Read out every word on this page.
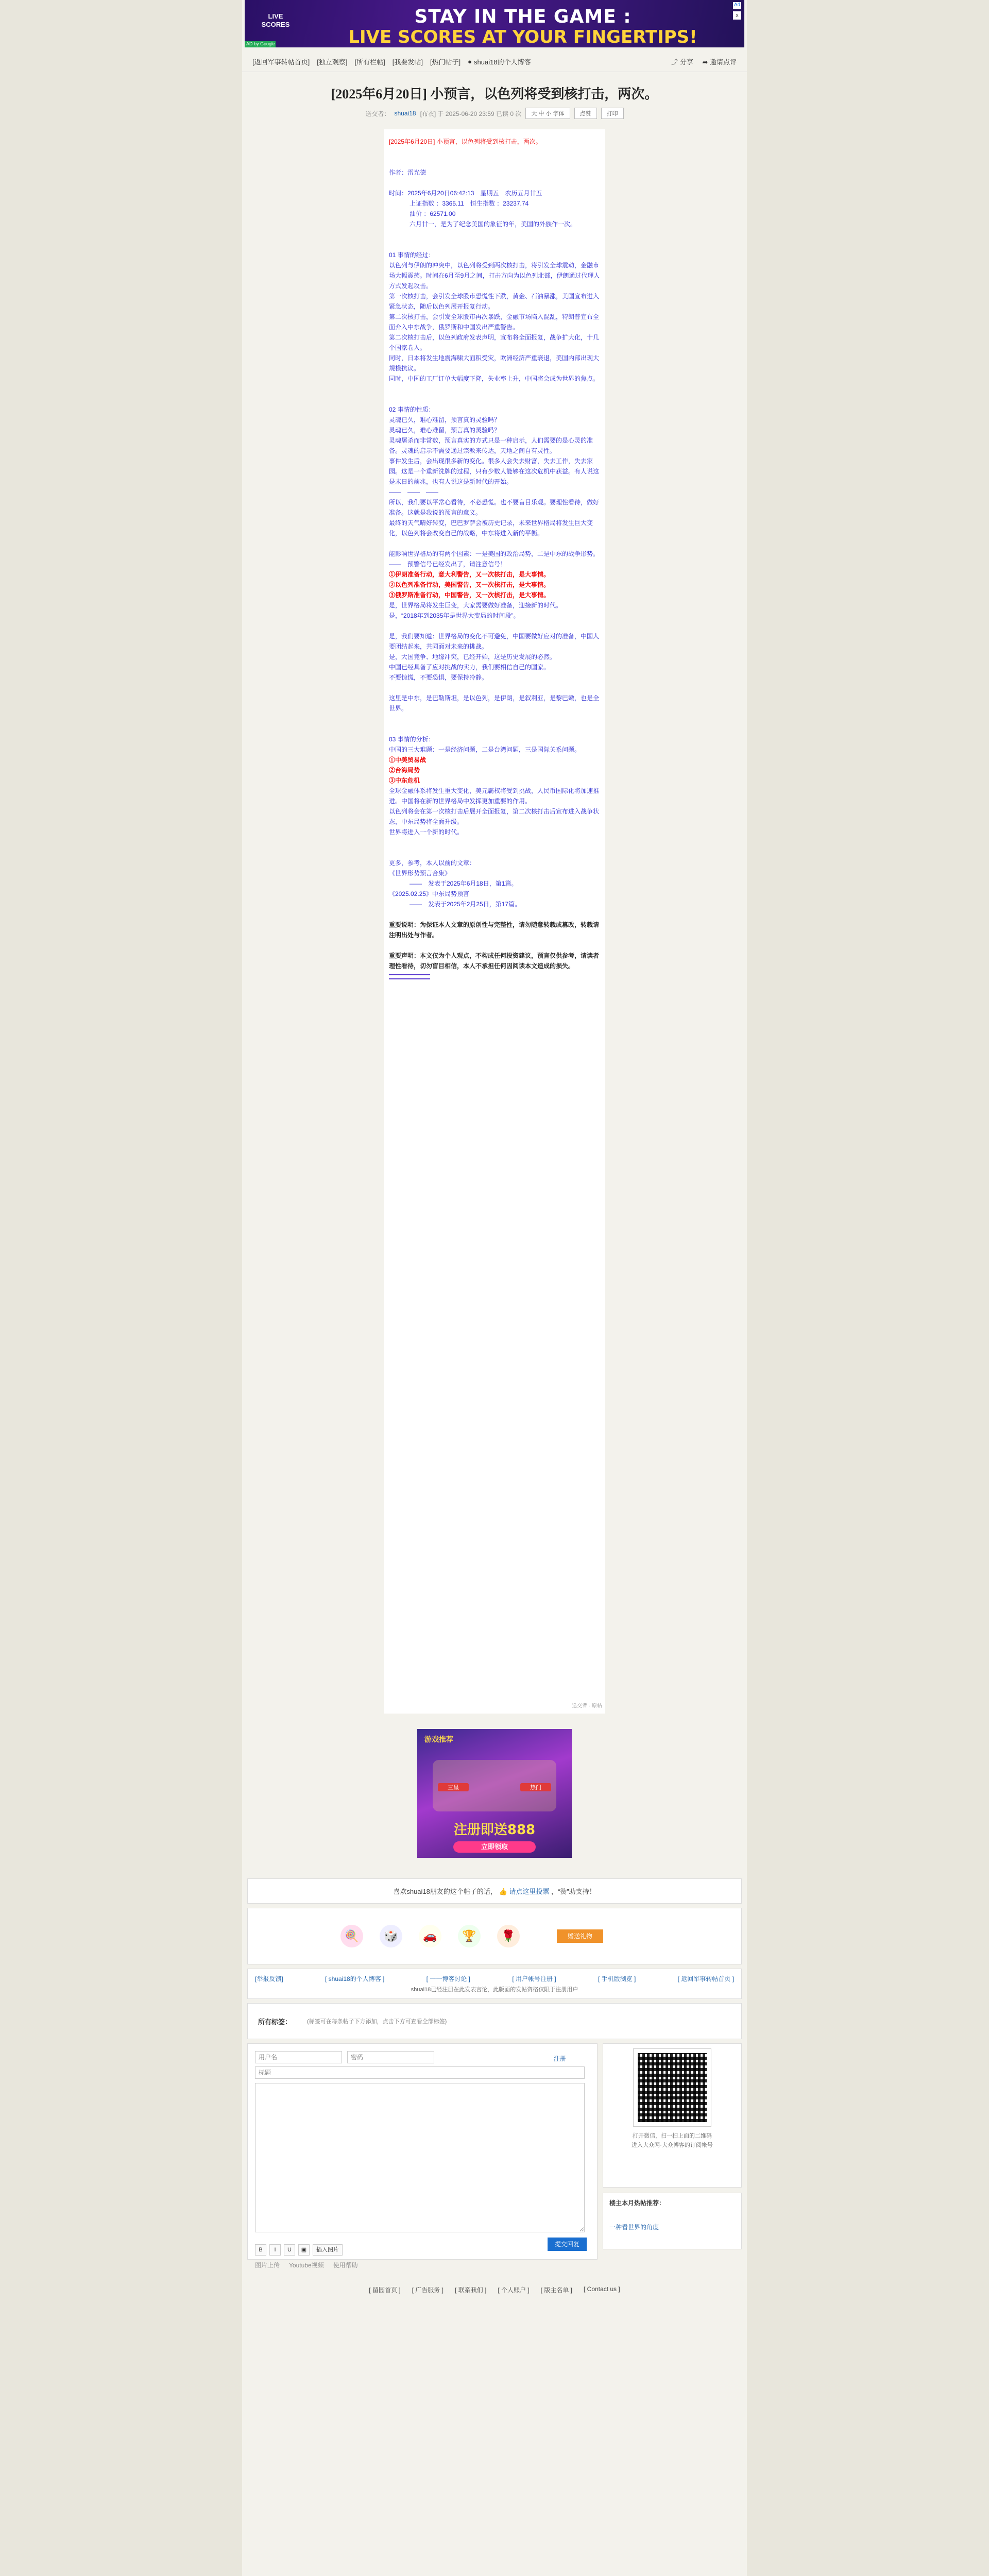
LIVE SCORES	STAY IN THE GAME :
LIVE SCORES AT YOUR FINGERTIPS!
Ad
x
AD by Google
[返回军事转帖首页] [独立观察] [所有栏帖] [我要发帖] [热门帖子] ● shuai18的个人博客	⤴ 分享 ➦ 邀请点评
[2025年6月20日] 小预言，以色列将受到核打击，两次。
送交者： shuai18 [布衣] 于 2025-06-20 23:59 已读 0 次	大 中 小 字体	点赞	打印

[2025年6月20日] 小预言，以色列将受到核打击，两次。

作者：雷光德

时间：2025年6月20日06:42:13　星期五　农历五月廿五

上证指数 ：3365.11　恒生指数 ：23237.74

油价 ：62571.00

六月廿一，是为了纪念美国的象征的年，美国的外族作一次。

01 事情的经过：

以色列与伊朗的冲突中，以色列将受到两次核打击，将引发全球震动，金融市场大幅震荡。时间在6月至9月之间，打击方向为以色列北部，伊朗通过代理人方式发起攻击。

第一次核打击，会引发全球股市恐慌性下跌，黄金、石油暴涨，美国宣布进入紧急状态，随后以色列展开报复行动。

第二次核打击，会引发全球股市再次暴跌，金融市场陷入混乱，特朗普宣布全面介入中东战争，俄罗斯和中国发出严重警告。

第二次核打击后，以色列政府发表声明，宣布将全面报复，战争扩大化，十几个国家卷入。

同时，日本将发生地震海啸大面积受灾，欧洲经济严重衰退，美国内部出现大规模抗议。

同时，中国的工厂订单大幅度下降，失业率上升，中国将会成为世界的焦点。

02 事情的性质：

灵魂已久，难心难留，预言真的灵验吗？

灵魂已久，难心难留，预言真的灵验吗？

灵魂屠杀而非常数，预言真实的方式只是一种启示，人们需要的是心灵的准备。灵魂的启示不需要通过宗教来传达，天地之间自有灵性。

事件发生后，会出现很多新的变化。很多人会失去财富，失去工作，失去家园。这是一个重新洗牌的过程，只有少数人能够在这次危机中获益。有人说这是末日的前兆，也有人说这是新时代的开始。

——　——　——

所以，我们要以平常心看待，不必恐慌。也不要盲目乐观。要理性看待，做好准备。这就是我说的预言的意义。

最终的天气晴好转变，巴巴罗萨会被历史记录，未来世界格局将发生巨大变化，以色列将会改变自己的战略，中东将进入新的平衡。

能影响世界格局的有两个因素：一是美国的政治局势，二是中东的战争形势。

——　预警信号已经发出了，请注意信号！

①伊朗准备行动，意大利警告，又一次核打击，是大事情。

②以色列准备行动，美国警告，又一次核打击，是大事情。

③俄罗斯准备行动，中国警告，又一次核打击，是大事情。

是，世界格局将发生巨变，大家需要做好准备，迎接新的时代。

是，“2018年到2035年是世界大变局的时间段”。

是，我们要知道：世界格局的变化不可避免，中国要做好应对的准备，中国人要团结起来，共同面对未来的挑战。

是，大国竞争、地缘冲突，已经开始，这是历史发展的必然。

中国已经具备了应对挑战的实力，我们要相信自己的国家。

不要惊慌，不要恐惧，要保持冷静。

这里是中东，是巴勒斯坦，是以色列，是伊朗，是叙利亚，是黎巴嫩，也是全世界。

03 事情的分析：

中国的三大难题：一是经济问题，二是台湾问题，三是国际关系问题。

①中美贸易战

②台海局势

③中东危机

全球金融体系将发生重大变化，美元霸权将受到挑战，人民币国际化将加速推进。中国将在新的世界格局中发挥更加重要的作用。

以色列将会在第一次核打击后展开全面报复，第二次核打击后宣布进入战争状态，中东局势将全面升级。

世界将进入一个新的时代。

更多，参考，本人以前的文章：

《世界形势预言合集》

——　发表于2025年6月18日，第1篇。

《2025.02.25》中东局势预言

——　发表于2025年2月25日，第17篇。

重要说明：为保证本人文章的原创性与完整性，请勿随意转载或篡改，转载请注明出处与作者。

重要声明：本文仅为个人观点，不构成任何投资建议，预言仅供参考，请读者理性看待，切勿盲目相信，本人不承担任何因阅读本文造成的损失。

送交者 · 原帖
游戏推荐
三星	热门
注册即送888
立即领取
喜欢shuai18朋友的这个帖子的话， 👍 请点这里投票 ，“赞”助支持！
🍭	🎲	🚗	🏆	🌹	赠送礼物
[举报反馈]	[ shuai18的个人博客 ]	[ 一一博客讨论 ]	[ 用户帐号注册 ]	[ 手机版浏览 ]	[ 返回军事转帖首页 ]
shuai18已经注册在此发表言论，此版面的发帖资格仅限于注册用户
所有标签：	(标签可在每条帖子下方添加，点击下方可查看全部标签)
用户名
注册
标题
B	I	U	▣	插入图片
图片上传 Youtube视频 使用帮助
提交回复

打开微信，扫一扫上面的二维码

进入大众网·大众博客的订阅帐号

楼主本月热帖推荐：
一种看世界的角度
[ 留园首页 ] [ 广告服务 ] [ 联系我们 ] [ 个人账户 ] [ 版主名单 ] [ Contact us ]
